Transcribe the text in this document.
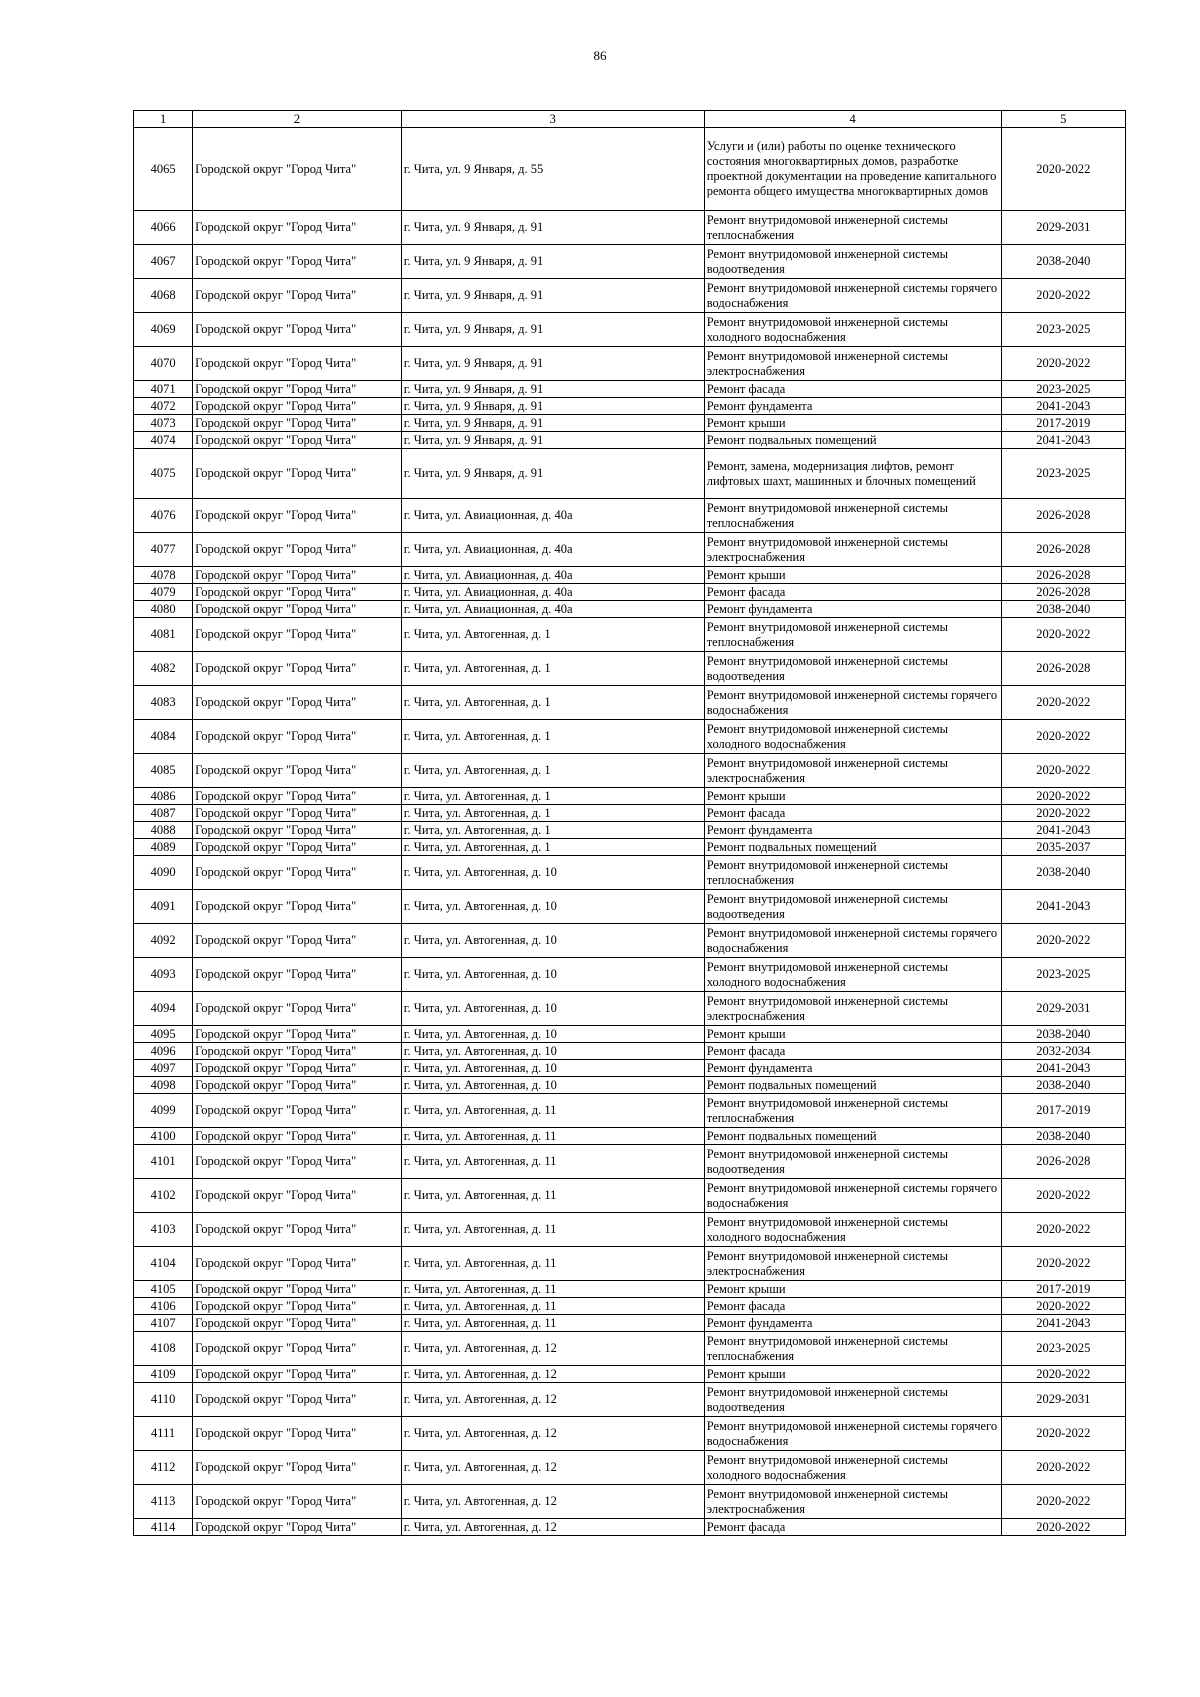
86
1	2	3	4	5
4065	Городской округ "Город Чита"	г. Чита, ул. 9 Января, д. 55	Услуги и (или) работы по оценке технического состояния многоквартирных домов, разработке проектной документации на проведение капитального ремонта общего имущества многоквартирных домов	2020-2022
4066	Городской округ "Город Чита"	г. Чита, ул. 9 Января, д. 91	Ремонт внутридомовой инженерной системы теплоснабжения	2029-2031
4067	Городской округ "Город Чита"	г. Чита, ул. 9 Января, д. 91	Ремонт внутридомовой инженерной системы водоотведения	2038-2040
4068	Городской округ "Город Чита"	г. Чита, ул. 9 Января, д. 91	Ремонт внутридомовой инженерной системы горячего водоснабжения	2020-2022
4069	Городской округ "Город Чита"	г. Чита, ул. 9 Января, д. 91	Ремонт внутридомовой инженерной системы холодного водоснабжения	2023-2025
4070	Городской округ "Город Чита"	г. Чита, ул. 9 Января, д. 91	Ремонт внутридомовой инженерной системы электроснабжения	2020-2022
4071	Городской округ "Город Чита"	г. Чита, ул. 9 Января, д. 91	Ремонт фасада	2023-2025
4072	Городской округ "Город Чита"	г. Чита, ул. 9 Января, д. 91	Ремонт фундамента	2041-2043
4073	Городской округ "Город Чита"	г. Чита, ул. 9 Января, д. 91	Ремонт крыши	2017-2019
4074	Городской округ "Город Чита"	г. Чита, ул. 9 Января, д. 91	Ремонт подвальных помещений	2041-2043
4075	Городской округ "Город Чита"	г. Чита, ул. 9 Января, д. 91	Ремонт, замена, модернизация лифтов, ремонт лифтовых шахт, машинных и блочных помещений	2023-2025
4076	Городской округ "Город Чита"	г. Чита, ул. Авиационная, д. 40а	Ремонт внутридомовой инженерной системы теплоснабжения	2026-2028
4077	Городской округ "Город Чита"	г. Чита, ул. Авиационная, д. 40а	Ремонт внутридомовой инженерной системы электроснабжения	2026-2028
4078	Городской округ "Город Чита"	г. Чита, ул. Авиационная, д. 40а	Ремонт крыши	2026-2028
4079	Городской округ "Город Чита"	г. Чита, ул. Авиационная, д. 40а	Ремонт фасада	2026-2028
4080	Городской округ "Город Чита"	г. Чита, ул. Авиационная, д. 40а	Ремонт фундамента	2038-2040
4081	Городской округ "Город Чита"	г. Чита, ул. Автогенная, д. 1	Ремонт внутридомовой инженерной системы теплоснабжения	2020-2022
4082	Городской округ "Город Чита"	г. Чита, ул. Автогенная, д. 1	Ремонт внутридомовой инженерной системы водоотведения	2026-2028
4083	Городской округ "Город Чита"	г. Чита, ул. Автогенная, д. 1	Ремонт внутридомовой инженерной системы горячего водоснабжения	2020-2022
4084	Городской округ "Город Чита"	г. Чита, ул. Автогенная, д. 1	Ремонт внутридомовой инженерной системы холодного водоснабжения	2020-2022
4085	Городской округ "Город Чита"	г. Чита, ул. Автогенная, д. 1	Ремонт внутридомовой инженерной системы электроснабжения	2020-2022
4086	Городской округ "Город Чита"	г. Чита, ул. Автогенная, д. 1	Ремонт крыши	2020-2022
4087	Городской округ "Город Чита"	г. Чита, ул. Автогенная, д. 1	Ремонт фасада	2020-2022
4088	Городской округ "Город Чита"	г. Чита, ул. Автогенная, д. 1	Ремонт фундамента	2041-2043
4089	Городской округ "Город Чита"	г. Чита, ул. Автогенная, д. 1	Ремонт подвальных помещений	2035-2037
4090	Городской округ "Город Чита"	г. Чита, ул. Автогенная, д. 10	Ремонт внутридомовой инженерной системы теплоснабжения	2038-2040
4091	Городской округ "Город Чита"	г. Чита, ул. Автогенная, д. 10	Ремонт внутридомовой инженерной системы водоотведения	2041-2043
4092	Городской округ "Город Чита"	г. Чита, ул. Автогенная, д. 10	Ремонт внутридомовой инженерной системы горячего водоснабжения	2020-2022
4093	Городской округ "Город Чита"	г. Чита, ул. Автогенная, д. 10	Ремонт внутридомовой инженерной системы холодного водоснабжения	2023-2025
4094	Городской округ "Город Чита"	г. Чита, ул. Автогенная, д. 10	Ремонт внутридомовой инженерной системы электроснабжения	2029-2031
4095	Городской округ "Город Чита"	г. Чита, ул. Автогенная, д. 10	Ремонт крыши	2038-2040
4096	Городской округ "Город Чита"	г. Чита, ул. Автогенная, д. 10	Ремонт фасада	2032-2034
4097	Городской округ "Город Чита"	г. Чита, ул. Автогенная, д. 10	Ремонт фундамента	2041-2043
4098	Городской округ "Город Чита"	г. Чита, ул. Автогенная, д. 10	Ремонт подвальных помещений	2038-2040
4099	Городской округ "Город Чита"	г. Чита, ул. Автогенная, д. 11	Ремонт внутридомовой инженерной системы теплоснабжения	2017-2019
4100	Городской округ "Город Чита"	г. Чита, ул. Автогенная, д. 11	Ремонт подвальных помещений	2038-2040
4101	Городской округ "Город Чита"	г. Чита, ул. Автогенная, д. 11	Ремонт внутридомовой инженерной системы водоотведения	2026-2028
4102	Городской округ "Город Чита"	г. Чита, ул. Автогенная, д. 11	Ремонт внутридомовой инженерной системы горячего водоснабжения	2020-2022
4103	Городской округ "Город Чита"	г. Чита, ул. Автогенная, д. 11	Ремонт внутридомовой инженерной системы холодного водоснабжения	2020-2022
4104	Городской округ "Город Чита"	г. Чита, ул. Автогенная, д. 11	Ремонт внутридомовой инженерной системы электроснабжения	2020-2022
4105	Городской округ "Город Чита"	г. Чита, ул. Автогенная, д. 11	Ремонт крыши	2017-2019
4106	Городской округ "Город Чита"	г. Чита, ул. Автогенная, д. 11	Ремонт фасада	2020-2022
4107	Городской округ "Город Чита"	г. Чита, ул. Автогенная, д. 11	Ремонт фундамента	2041-2043
4108	Городской округ "Город Чита"	г. Чита, ул. Автогенная, д. 12	Ремонт внутридомовой инженерной системы теплоснабжения	2023-2025
4109	Городской округ "Город Чита"	г. Чита, ул. Автогенная, д. 12	Ремонт крыши	2020-2022
4110	Городской округ "Город Чита"	г. Чита, ул. Автогенная, д. 12	Ремонт внутридомовой инженерной системы водоотведения	2029-2031
4111	Городской округ "Город Чита"	г. Чита, ул. Автогенная, д. 12	Ремонт внутридомовой инженерной системы горячего водоснабжения	2020-2022
4112	Городской округ "Город Чита"	г. Чита, ул. Автогенная, д. 12	Ремонт внутридомовой инженерной системы холодного водоснабжения	2020-2022
4113	Городской округ "Город Чита"	г. Чита, ул. Автогенная, д. 12	Ремонт внутридомовой инженерной системы электроснабжения	2020-2022
4114	Городской округ "Город Чита"	г. Чита, ул. Автогенная, д. 12	Ремонт фасада	2020-2022
